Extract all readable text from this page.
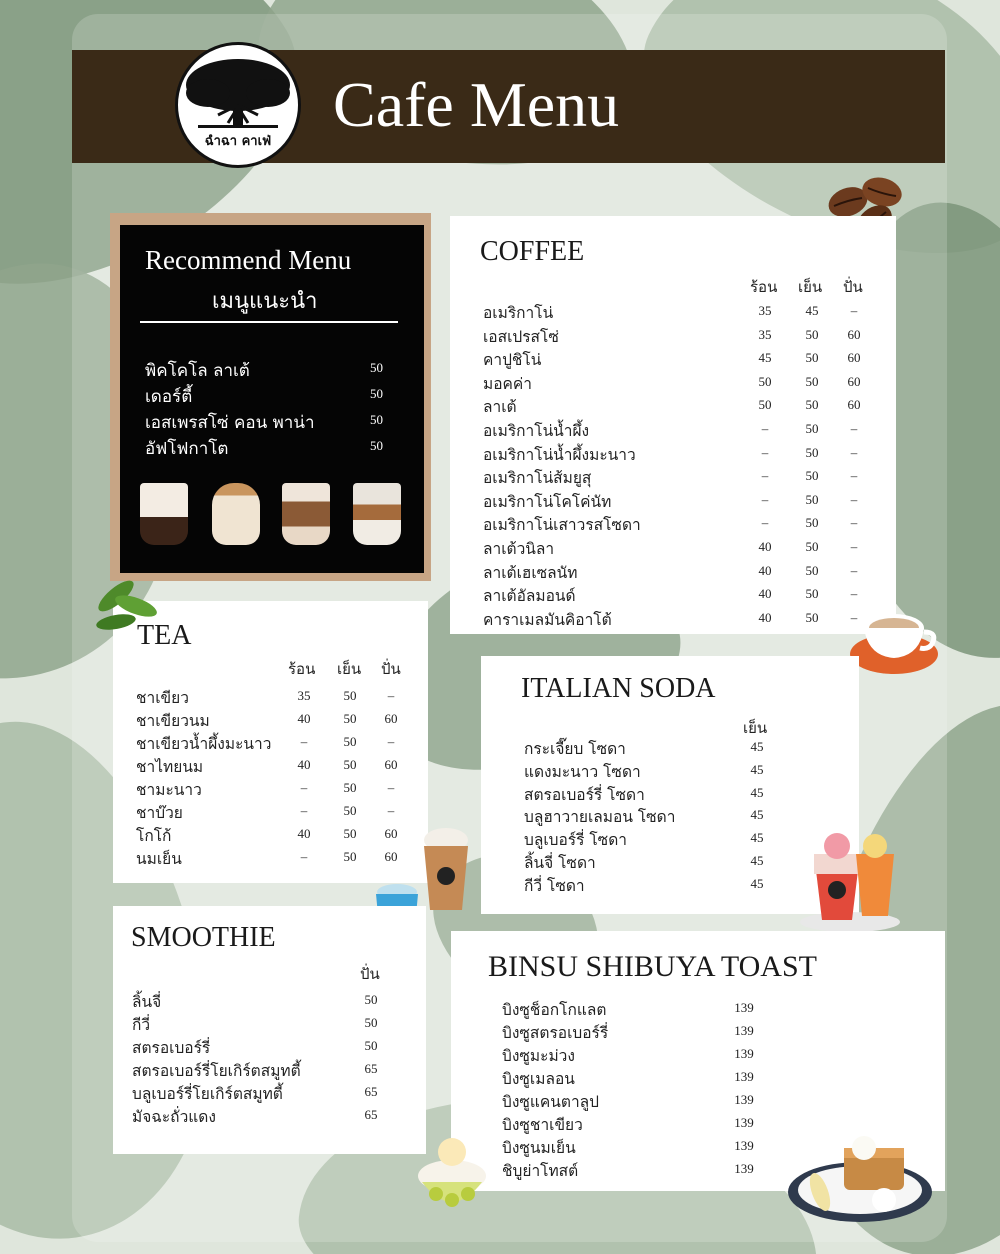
ฉำฉา คาเฟ่
Cafe Menu
Recommend Menu
เมนูแนะนำ
พิคโคโล ลาเต้	50
เดอร์ตี้	50
เอสเพรสโซ่ คอน พาน่า	50
อัฟโฟกาโต	50
COFFEE
ร้อน เย็น ปั่น
อเมริกาโน่	35	45	–
เอสเปรสโซ่	35	50	60
คาปูชิโน่	45	50	60
มอคค่า	50	50	60
ลาเต้	50	50	60
อเมริกาโน่น้ำผึ้ง	–	50	–
อเมริกาโน่น้ำผึ้งมะนาว	–	50	–
อเมริกาโน่ส้มยูสุ	–	50	–
อเมริกาโน่โคโค่นัท	–	50	–
อเมริกาโน่เสาวรสโซดา	–	50	–
ลาเต้วนิลา	40	50	–
ลาเต้เฮเซลนัท	40	50	–
ลาเต้อัลมอนด์	40	50	–
คาราเมลมันคิอาโต้	40	50	–
TEA
ร้อน เย็น ปั่น
ชาเขียว	35	50	–
ชาเขียวนม	40	50	60
ชาเขียวน้ำผึ้งมะนาว	–	50	–
ชาไทยนม	40	50	60
ชามะนาว	–	50	–
ชาบ๊วย	–	50	–
โกโก้	40	50	60
นมเย็น	–	50	60
ITALIAN SODA
เย็น
กระเจี๊ยบ โซดา	45
แดงมะนาว โซดา	45
สตรอเบอร์รี่ โซดา	45
บลูฮาวายเลมอน โซดา	45
บลูเบอร์รี่ โซดา	45
ลิ้นจี่ โซดา	45
กีวี่ โซดา	45
SMOOTHIE
ปั่น
ลิ้นจี่	50
กีวี่	50
สตรอเบอร์รี่	50
สตรอเบอร์รี่โยเกิร์ตสมูทตี้	65
บลูเบอร์รี่โยเกิร์ตสมูทตี้	65
มัจฉะถั่วแดง	65
BINSU SHIBUYA TOAST
บิงซูช็อกโกแลต	139
บิงซูสตรอเบอร์รี่	139
บิงซูมะม่วง	139
บิงซูเมลอน	139
บิงซูแคนตาลูป	139
บิงซูชาเขียว	139
บิงซูนมเย็น	139
ชิบูย่าโทสต์	139
